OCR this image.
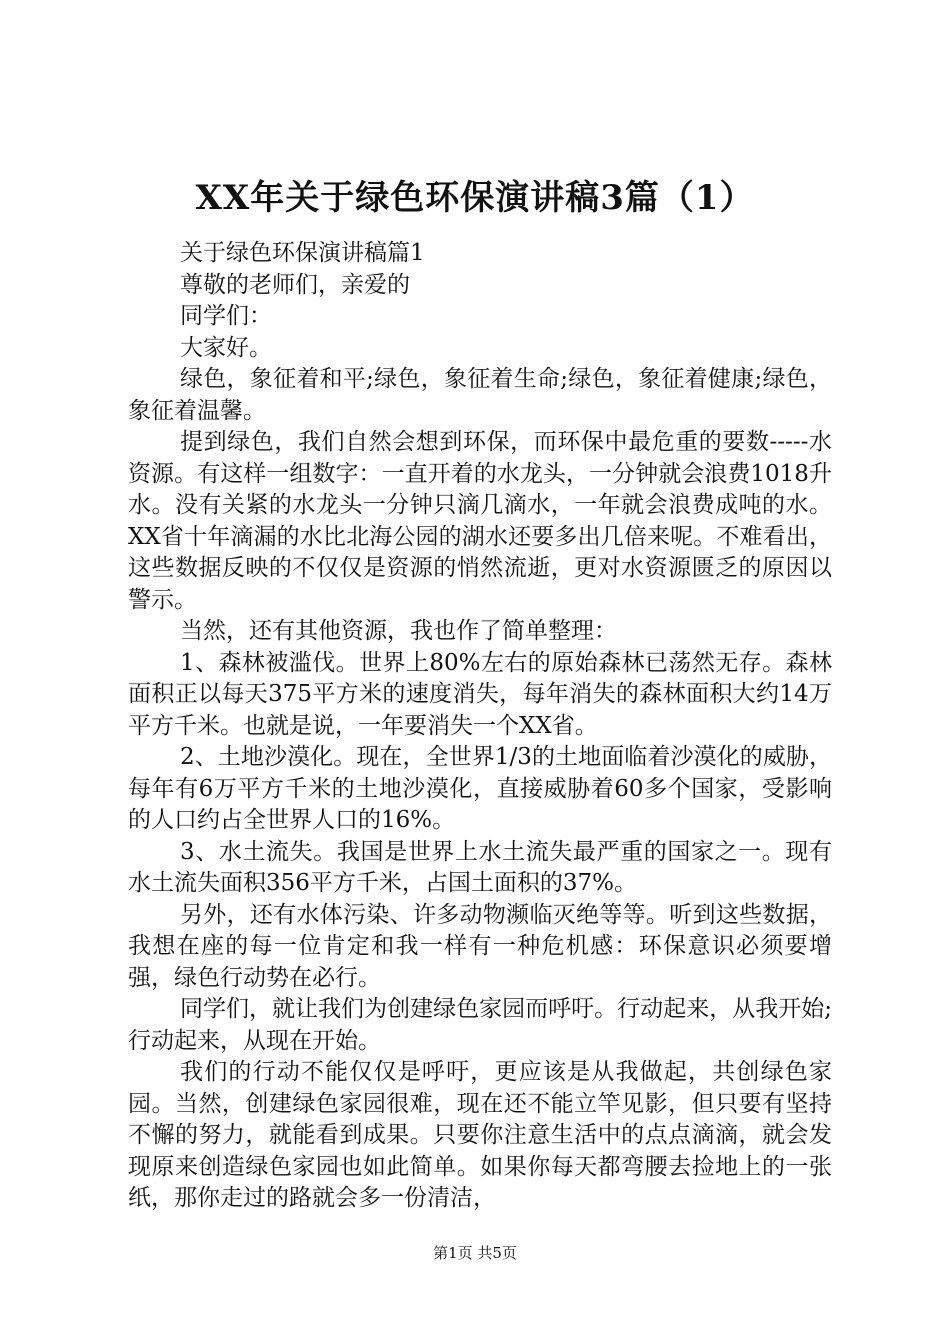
XX年关于绿色环保演讲稿3篇（1）

关于绿色环保演讲稿篇1

尊敬的老师们，亲爱的

同学们：

大家好。

绿色，象征着和平;绿色，象征着生命;绿色，象征着健康;绿色，象征着温馨。

提到绿色，我们自然会想到环保，而环保中最危重的要数-----水资源。有这样一组数字：一直开着的水龙头，一分钟就会浪费1018升水。没有关紧的水龙头一分钟只滴几滴水，一年就会浪费成吨的水。XX省十年滴漏的水比北海公园的湖水还要多出几倍来呢。不难看出，这些数据反映的不仅仅是资源的悄然流逝，更对水资源匮乏的原因以警示。

当然，还有其他资源，我也作了简单整理：

1、森林被滥伐。世界上80%左右的原始森林已荡然无存。森林面积正以每天375平方米的速度消失，每年消失的森林面积大约14万平方千米。也就是说，一年要消失一个XX省。

2、土地沙漠化。现在，全世界1/3的土地面临着沙漠化的威胁，每年有6万平方千米的土地沙漠化，直接威胁着60多个国家，受影响的人口约占全世界人口的16%。

3、水土流失。我国是世界上水土流失最严重的国家之一。现有水土流失面积356平方千米，占国土面积的37%。

另外，还有水体污染、许多动物濒临灭绝等等。听到这些数据，我想在座的每一位肯定和我一样有一种危机感：环保意识必须要增强，绿色行动势在必行。

同学们，就让我们为创建绿色家园而呼吁。行动起来，从我开始;行动起来，从现在开始。

我们的行动不能仅仅是呼吁，更应该是从我做起，共创绿色家园。当然，创建绿色家园很难，现在还不能立竿见影，但只要有坚持不懈的努力，就能看到成果。只要你注意生活中的点点滴滴，就会发现原来创造绿色家园也如此简单。如果你每天都弯腰去捡地上的一张纸，那你走过的路就会多一份清洁，

第1页 共5页
